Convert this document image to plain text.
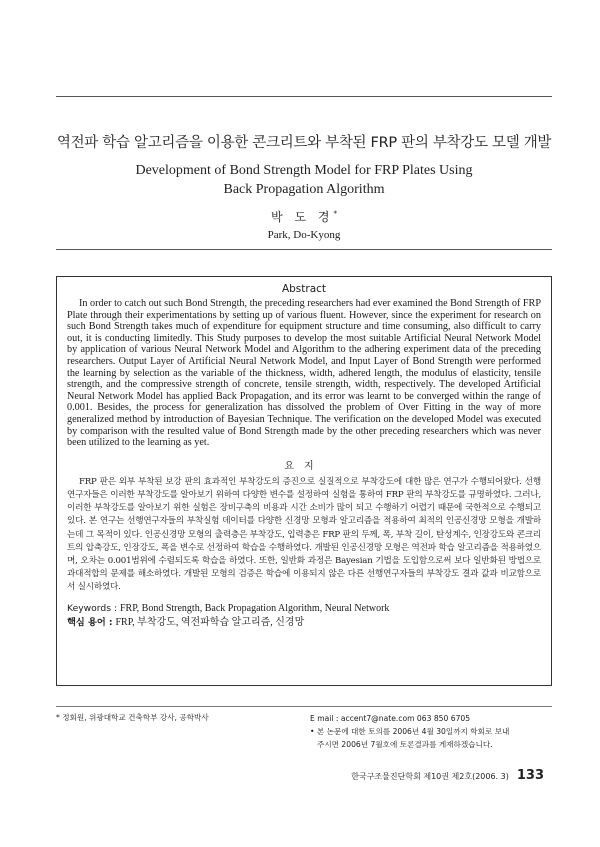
역전파 학습 알고리즘을 이용한 콘크리트와 부착된 FRP 판의 부착강도 모델 개발
Development of Bond Strength Model for FRP Plates Using
Back Propagation Algorithm
박 도 경*
Park, Do-Kyong
Abstract

In order to catch out such Bond Strength, the preceding researchers had ever examined the Bond Strength of FRP Plate through their experimentations by setting up of various fluent. However, since the experiment for research on such Bond Strength takes much of expenditure for equipment structure and time consuming, also difficult to carry out, it is conducting limitedly. This Study purposes to develop the most suitable Artificial Neural Network Model by application of various Neural Network Model and Algorithm to the adhering experiment data of the preceding researchers. Output Layer of Artificial Neural Network Model, and Input Layer of Bond Strength were performed the learning by selection as the variable of the thickness, width, adhered length, the modulus of elasticity, tensile strength, and the compressive strength of concrete, tensile strength, width, respectively. The developed Artificial Neural Network Model has applied Back Propagation, and its error was learnt to be converged within the range of 0.001. Besides, the process for generalization has dissolved the problem of Over Fitting in the way of more generalized method by introduction of Bayesian Technique. The verification on the developed Model was executed by comparison with the resulted value of Bond Strength made by the other preceding researchers which was never been utilized to the learning as yet.

요지

FRP 판은 외부 부착된 보강 판의 효과적인 부착강도의 증진으로 실질적으로 부착강도에 대한 많은 연구가 수행되어왔다. 선행연구자들은 이러한 부착강도를 알아보기 위하여 다양한 변수를 설정하여 실험을 통하여 FRP 판의 부착강도를 규명하였다. 그러나, 이러한 부착강도를 알아보기 위한 실험은 장비구축의 비용과 시간 소비가 많이 되고 수행하기 어렵기 때문에 국한적으로 수행되고 있다. 본 연구는 선행연구자들의 부착실험 데이터를 다양한 신경망 모형과 알고리즘을 적용하여 최적의 인공신경망 모형을 개발하는데 그 목적이 있다. 인공신경망 모형의 출력층은 부착강도, 입력층은 FRP 판의 두께, 폭, 부착 길이, 탄성계수, 인장강도와 콘크리트의 압축강도, 인장강도, 폭을 변수로 선정하여 학습을 수행하였다. 개발된 인공신경망 모형은 역전파 학습 알고리즘을 적용하였으며, 오차는 0.001범위에 수렴되도록 학습을 하였다. 또한, 일반화 과정은 Bayesian 기법을 도입함으로써 보다 일반화된 방법으로 과대적합의 문제를 해소하였다. 개발된 모형의 검증은 학습에 이용되지 않은 다른 선행연구자들의 부착강도 결과 값과 비교함으로서 실시하였다.

Keywords : FRP, Bond Strength, Back Propagation Algorithm, Neural Network
핵심 용어 : FRP, 부착강도, 역전파학습 알고리즘, 신경망
* 정회원, 위광대학교 건축학부 강사, 공학박사	E mail : accent7@nate.com 063 850 6705
• 본 논문에 대한 토의를 2006년 4월 30일까지 학회로 보내
주시면 2006년 7월호에 토론결과를 게재하겠습니다.
한국구조물진단학회 제10권 제2호(2006. 3) 133
